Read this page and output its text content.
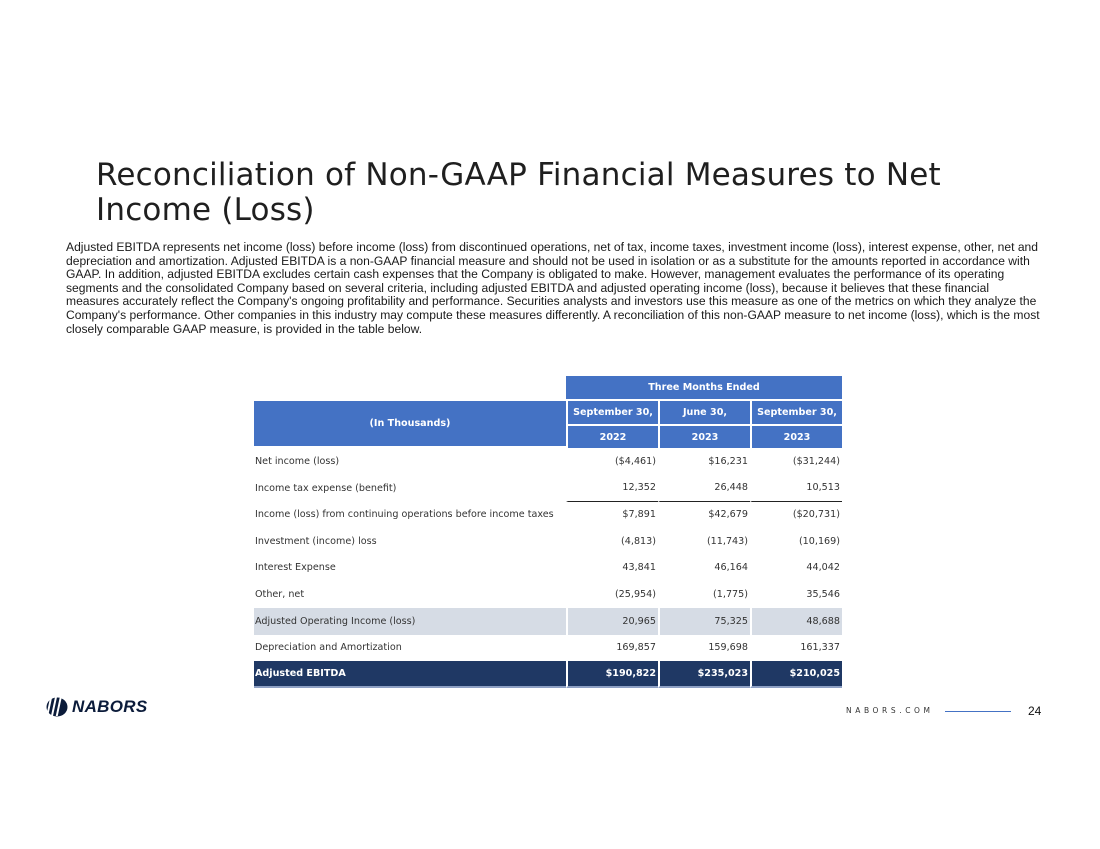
Reconciliation of Non-GAAP Financial Measures to Net Income (Loss)
Adjusted EBITDA represents net income (loss) before income (loss) from discontinued operations, net of tax, income taxes, investment income (loss), interest expense, other, net and depreciation and amortization. Adjusted EBITDA is a non-GAAP financial measure and should not be used in isolation or as a substitute for the amounts reported in accordance with GAAP. In addition, adjusted EBITDA excludes certain cash expenses that the Company is obligated to make. However, management evaluates the performance of its operating segments and the consolidated Company based on several criteria, including adjusted EBITDA and adjusted operating income (loss), because it believes that these financial measures accurately reflect the Company's ongoing profitability and performance. Securities analysts and investors use this measure as one of the metrics on which they analyze the Company's performance. Other companies in this industry may compute these measures differently. A reconciliation of this non-GAAP measure to net income (loss), which is the most closely comparable GAAP measure, is provided in the table below.
	Three Months Ended		
(In Thousands)	September 30,	June 30,	September 30,
	2022	2023	2023
Net income (loss)	($4,461)	$16,231	($31,244)
Income tax expense (benefit)	12,352	26,448	10,513
Income (loss) from continuing operations before income taxes	$7,891	$42,679	($20,731)
Investment (income) loss	(4,813)	(11,743)	(10,169)
Interest Expense	43,841	46,164	44,042
Other, net	(25,954)	(1,775)	35,546
Adjusted Operating Income (loss)	20,965	75,325	48,688
Depreciation and Amortization	169,857	159,698	161,337
Adjusted EBITDA	$190,822	$235,023	$210,025
NABORS	NABORS.COM	24
